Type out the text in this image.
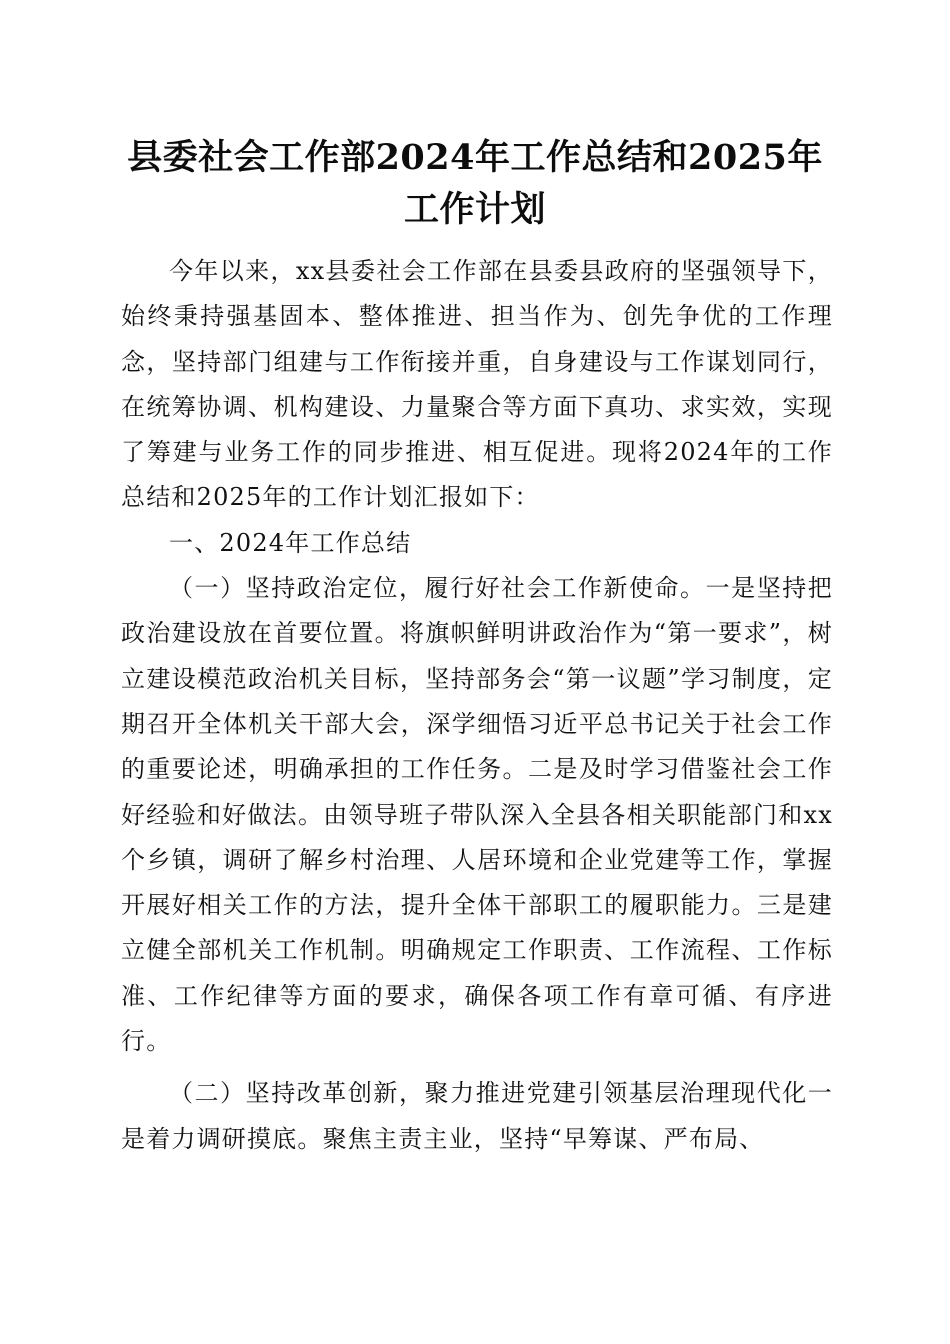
县委社会工作部2024年工作总结和2025年工作计划

今年以来，xx县委社会工作部在县委县政府的坚强领导下，始终秉持强基固本、整体推进、担当作为、创先争优的工作理念，坚持部门组建与工作衔接并重，自身建设与工作谋划同行，在统筹协调、机构建设、力量聚合等方面下真功、求实效，实现了筹建与业务工作的同步推进、相互促进。现将2024年的工作总结和2025年的工作计划汇报如下：

一、2024年工作总结

（一）坚持政治定位，履行好社会工作新使命。一是坚持把政治建设放在首要位置。将旗帜鲜明讲政治作为“第一要求”，树立建设模范政治机关目标，坚持部务会“第一议题”学习制度，定期召开全体机关干部大会，深学细悟习近平总书记关于社会工作的重要论述，明确承担的工作任务。二是及时学习借鉴社会工作好经验和好做法。由领导班子带队深入全县各相关职能部门和xx个乡镇，调研了解乡村治理、人居环境和企业党建等工作，掌握开展好相关工作的方法，提升全体干部职工的履职能力。三是建立健全部机关工作机制。明确规定工作职责、工作流程、工作标准、工作纪律等方面的要求，确保各项工作有章可循、有序进行。

（二）坚持改革创新，聚力推进党建引领基层治理现代化一是着力调研摸底。聚焦主责主业，坚持“早筹谋、严布局、
